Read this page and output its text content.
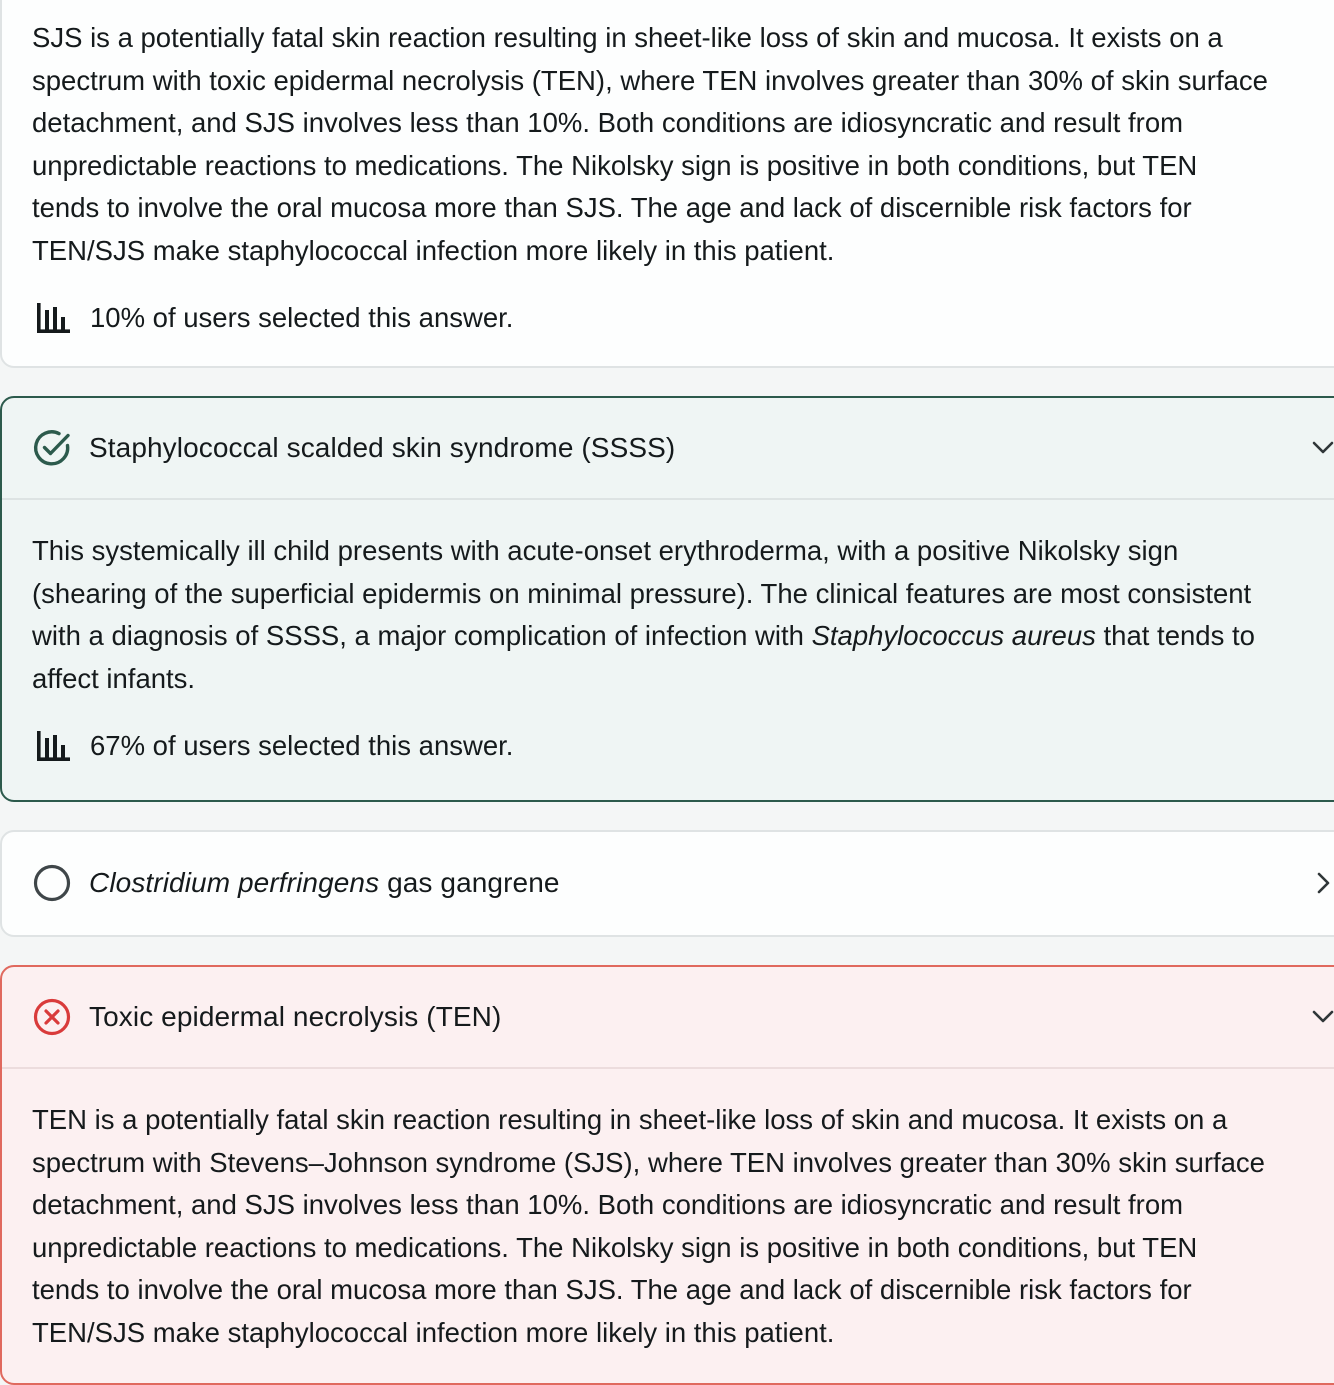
SJS is a potentially fatal skin reaction resulting in sheet-like loss of skin and mucosa. It exists on a
spectrum with toxic epidermal necrolysis (TEN), where TEN involves greater than 30% of skin surface
detachment, and SJS involves less than 10%. Both conditions are idiosyncratic and result from
unpredictable reactions to medications. The Nikolsky sign is positive in both conditions, but TEN
tends to involve the oral mucosa more than SJS. The age and lack of discernible risk factors for
TEN/SJS make staphylococcal infection more likely in this patient.
10% of users selected this answer.
Staphylococcal scalded skin syndrome (SSSS)
This systemically ill child presents with acute-onset erythroderma, with a positive Nikolsky sign
(shearing of the superficial epidermis on minimal pressure). The clinical features are most consistent
with a diagnosis of SSSS, a major complication of infection with Staphylococcus aureus that tends to
affect infants.
67% of users selected this answer.
Clostridium perfringens gas gangrene
Toxic epidermal necrolysis (TEN)
TEN is a potentially fatal skin reaction resulting in sheet-like loss of skin and mucosa. It exists on a
spectrum with Stevens–Johnson syndrome (SJS), where TEN involves greater than 30% skin surface
detachment, and SJS involves less than 10%. Both conditions are idiosyncratic and result from
unpredictable reactions to medications. The Nikolsky sign is positive in both conditions, but TEN
tends to involve the oral mucosa more than SJS. The age and lack of discernible risk factors for
TEN/SJS make staphylococcal infection more likely in this patient.
